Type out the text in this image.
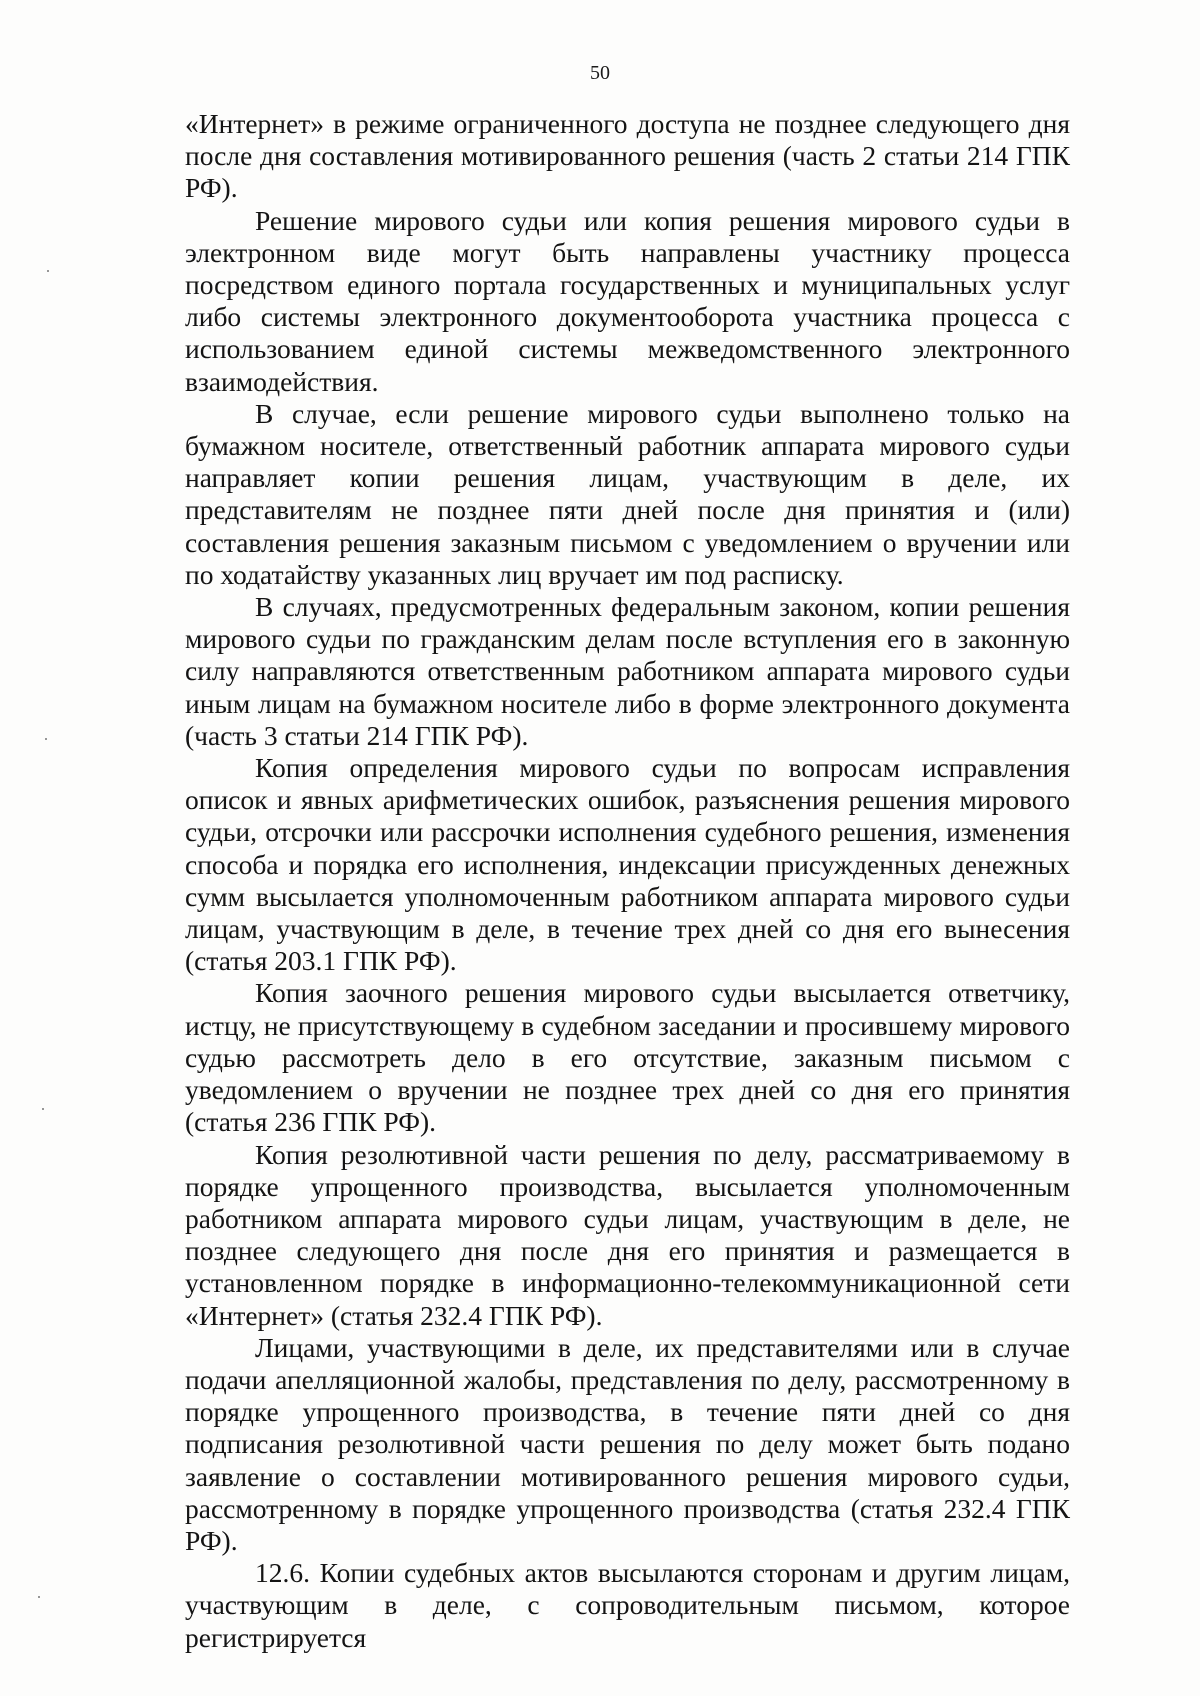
50

«Интернет» в режиме ограниченного доступа не позднее следующего дня после дня составления мотивированного решения (часть 2 статьи 214 ГПК РФ).

Решение мирового судьи или копия решения мирового судьи в электронном виде могут быть направлены участнику процесса посредством единого портала государственных и муниципальных услуг либо системы электронного документооборота участника процесса с использованием единой системы межведомственного электронного взаимодействия.

В случае, если решение мирового судьи выполнено только на бумажном носителе, ответственный работник аппарата мирового судьи направляет копии решения лицам, участвующим в деле, их представителям не позднее пяти дней после дня принятия и (или) составления решения заказным письмом с уведомлением о вручении или по ходатайству указанных лиц вручает им под расписку.

В случаях, предусмотренных федеральным законом, копии решения мирового судьи по гражданским делам после вступления его в законную силу направляются ответственным работником аппарата мирового судьи иным лицам на бумажном носителе либо в форме электронного документа (часть 3 статьи 214 ГПК РФ).

Копия определения мирового судьи по вопросам исправления описок и явных арифметических ошибок, разъяснения решения мирового судьи, отсрочки или рассрочки исполнения судебного решения, изменения способа и порядка его исполнения, индексации присужденных денежных сумм высылается уполномоченным работником аппарата мирового судьи лицам, участвующим в деле, в течение трех дней со дня его вынесения (статья 203.1 ГПК РФ).

Копия заочного решения мирового судьи высылается ответчику, истцу, не присутствующему в судебном заседании и просившему мирового судью рассмотреть дело в его отсутствие, заказным письмом с уведомлением о вручении не позднее трех дней со дня его принятия (статья 236 ГПК РФ).

Копия резолютивной части решения по делу, рассматриваемому в порядке упрощенного производства, высылается уполномоченным работником аппарата мирового судьи лицам, участвующим в деле, не позднее следующего дня после дня его принятия и размещается в установленном порядке в информационно-телекоммуникационной сети «Интернет» (статья 232.4 ГПК РФ).

Лицами, участвующими в деле, их представителями или в случае подачи апелляционной жалобы, представления по делу, рассмотренному в порядке упрощенного производства, в течение пяти дней со дня подписания резолютивной части решения по делу может быть подано заявление о составлении мотивированного решения мирового судьи, рассмотренному в порядке упрощенного производства (статья 232.4 ГПК РФ).

12.6. Копии судебных актов высылаются сторонам и другим лицам, участвующим в деле, с сопроводительным письмом, которое регистрируется
